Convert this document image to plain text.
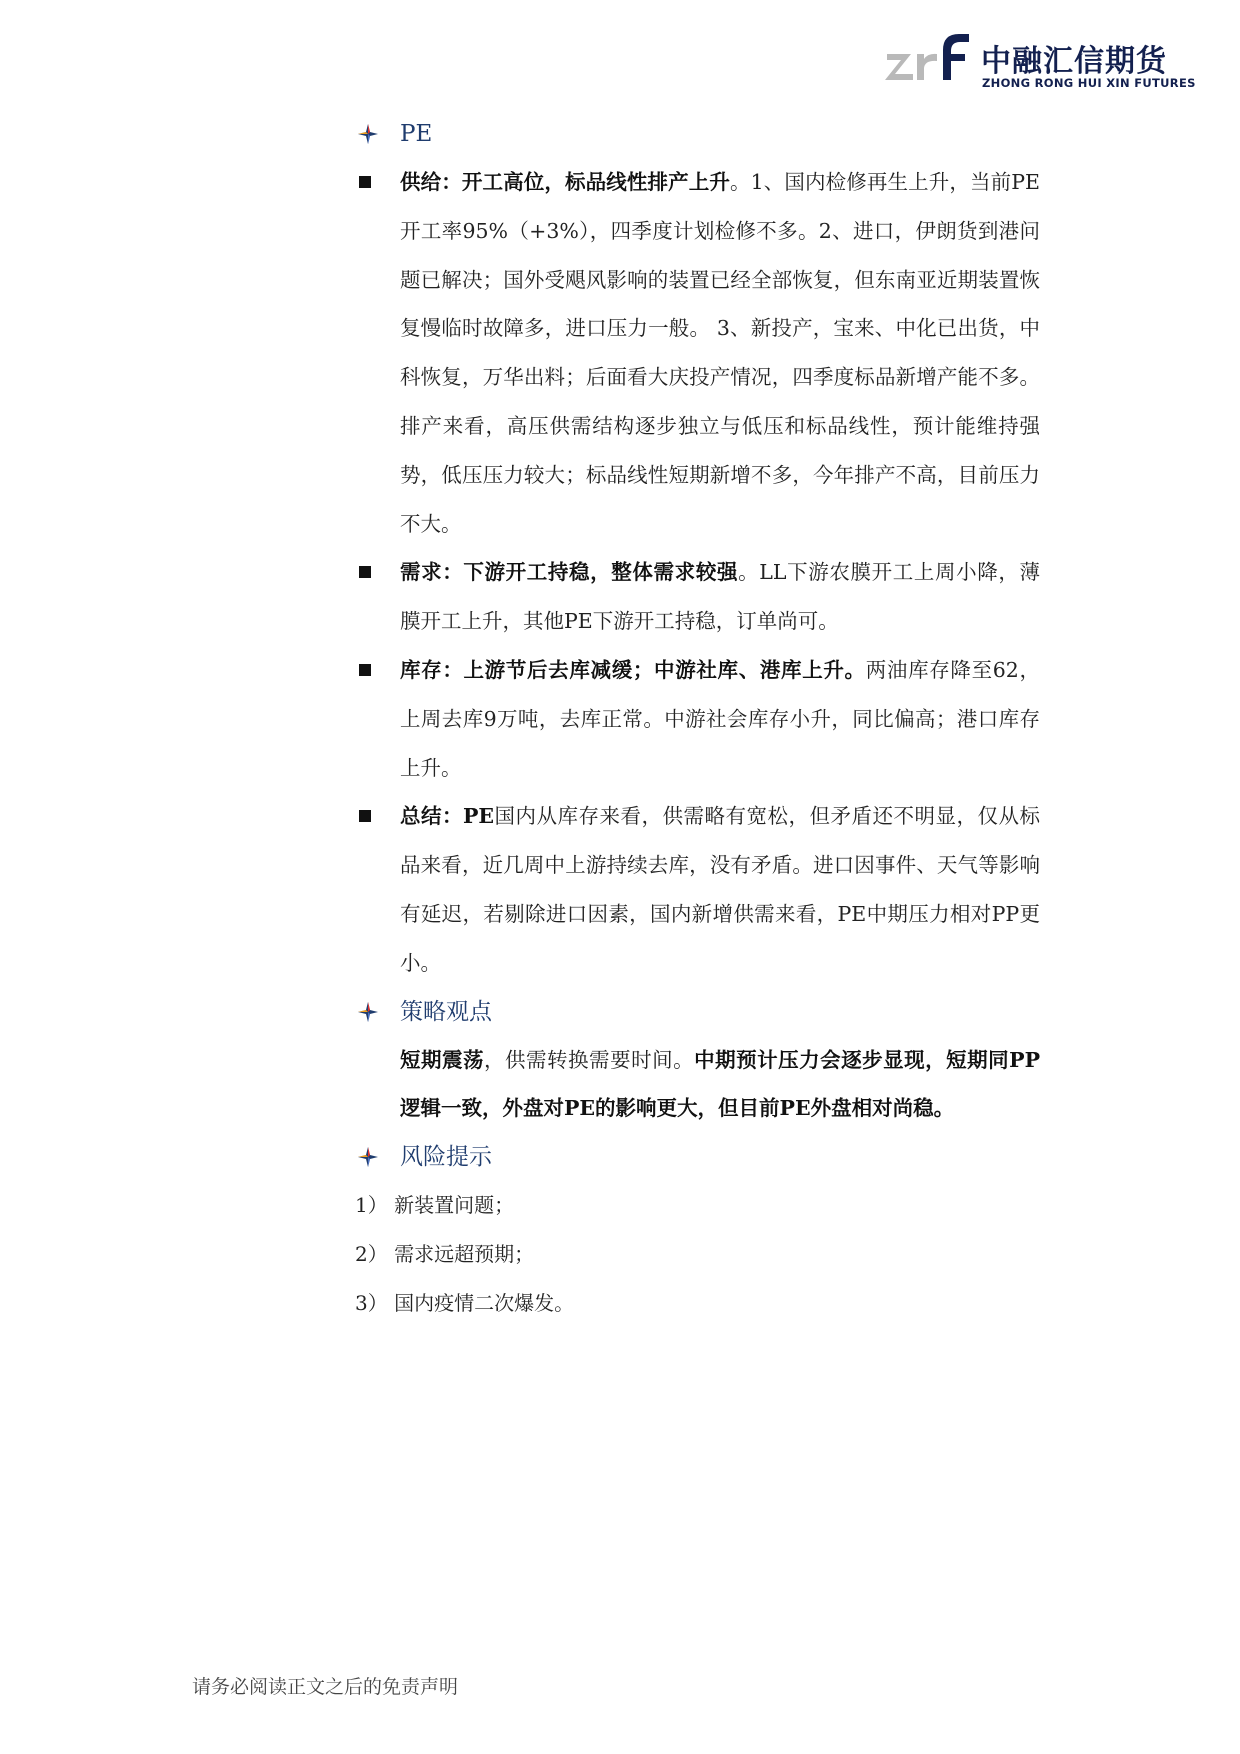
中融汇信期货
ZHONG RONG HUI XIN FUTURES
PE
供给：开工高位，标品线性排产上升。1、国内检修再生上升，当前PE开工率95%（+3%），四季度计划检修不多。2、进口，伊朗货到港问题已解决；国外受飓风影响的装置已经全部恢复，但东南亚近期装置恢复慢临时故障多，进口压力一般。 3、新投产，宝来、中化已出货，中科恢复，万华出料；后面看大庆投产情况，四季度标品新增产能不多。排产来看，高压供需结构逐步独立与低压和标品线性，预计能维持强势，低压压力较大；标品线性短期新增不多，今年排产不高，目前压力不大。
需求：下游开工持稳，整体需求较强。LL下游农膜开工上周小降，薄膜开工上升，其他PE下游开工持稳，订单尚可。
库存：上游节后去库减缓；中游社库、港库上升。两油库存降至62，上周去库9万吨，去库正常。中游社会库存小升，同比偏高；港口库存上升。
总结：PE国内从库存来看，供需略有宽松，但矛盾还不明显，仅从标品来看，近几周中上游持续去库，没有矛盾。进口因事件、天气等影响有延迟，若剔除进口因素，国内新增供需来看，PE中期压力相对PP更小。
策略观点
短期震荡，供需转换需要时间。中期预计压力会逐步显现，短期同PP逻辑一致，外盘对PE的影响更大，但目前PE外盘相对尚稳。
风险提示
1） 新装置问题；
2） 需求远超预期；
3） 国内疫情二次爆发。
请务必阅读正文之后的免责声明
